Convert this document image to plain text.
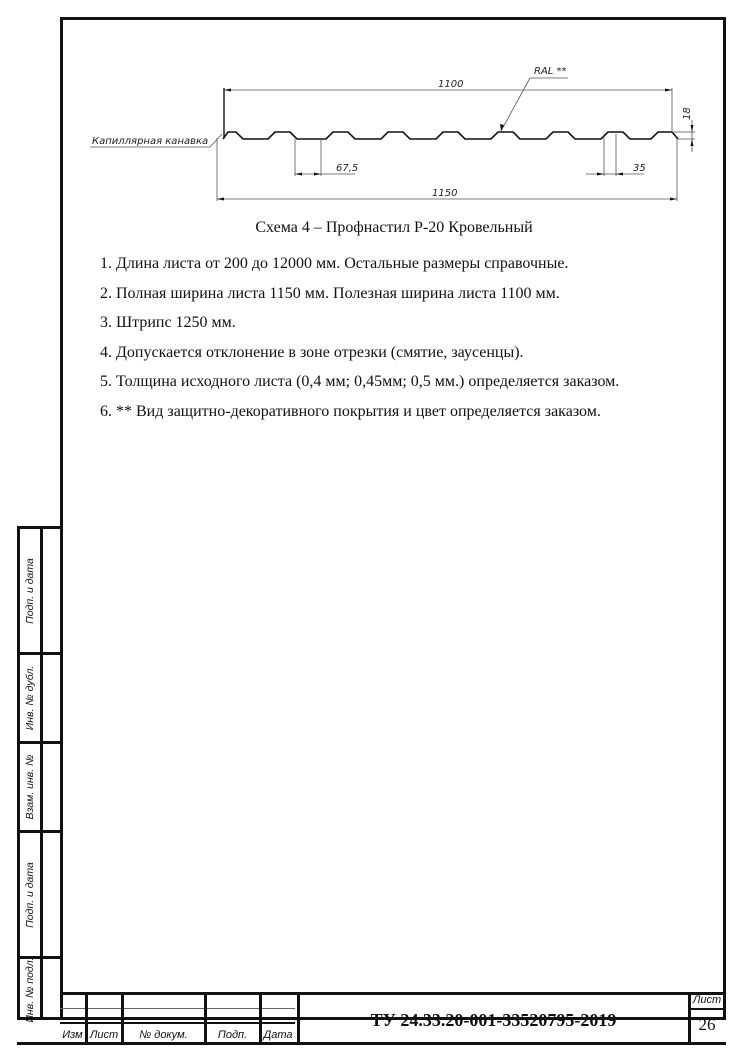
Капиллярная канавка
RAL **
1100
1150
67,5	35
18
Схема 4 – Профнастил Р-20 Кровельный
1. Длина листа от 200 до 12000 мм. Остальные размеры справочные.
2. Полная ширина листа 1150 мм. Полезная ширина листа 1100 мм.
3. Штрипс 1250 мм.
4. Допускается отклонение в зоне отрезки (смятие, заусенцы).
5. Толщина исходного листа (0,4 мм; 0,45мм; 0,5 мм.) определяется заказом.
6. ** Вид защитно-декоративного покрытия и цвет определяется заказом.
Подп. и дата
Инв. № дубл.
Взам. инв. №
Подп. и дата
Инв. № подл.
Изм Лист	№ докум.	Подп.	Дата
ТУ 24.33.20-001-33520795-2019
Лист
26
